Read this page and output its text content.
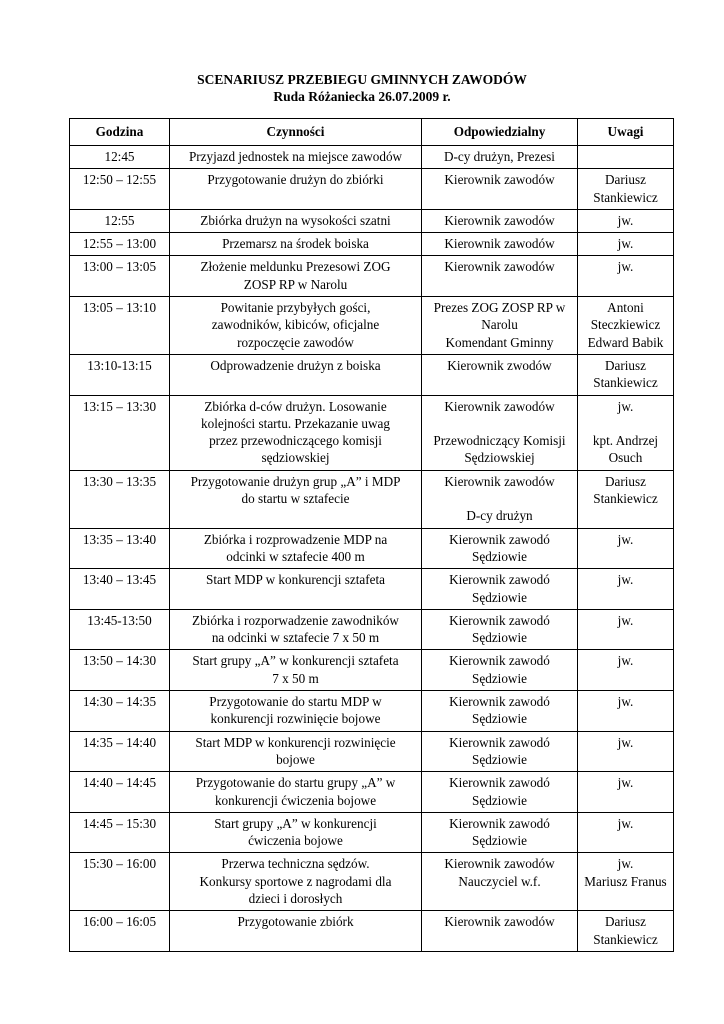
SCENARIUSZ PRZEBIEGU GMINNYCH ZAWODÓW
Ruda Różaniecka 26.07.2009 r.
Godzina	Czynności	Odpowiedzialny	Uwagi
12:45	Przyjazd jednostek na miejsce zawodów	D-cy drużyn, Prezesi	

12:50 – 12:55	Przygotowanie drużyn do zbiórki	Kierownik zawodów	Dariusz
Stankiewicz

12:55	Zbiórka drużyn na wysokości szatni	Kierownik zawodów	jw.

12:55 – 13:00	Przemarsz na środek boiska	Kierownik zawodów	jw.

13:00 – 13:05	Złożenie meldunku Prezesowi ZOG
ZOSP RP w Narolu	Kierownik zawodów	jw.

13:05 – 13:10	Powitanie przybyłych gości,
zawodników, kibiców, oficjalne
rozpoczęcie zawodów	Prezes ZOG ZOSP RP w
Narolu
Komendant Gminny	Antoni
Steczkiewicz
Edward Babik

13:10-13:15	Odprowadzenie drużyn z boiska	Kierownik zwodów	Dariusz
Stankiewicz

13:15 – 13:30	Zbiórka d-ców drużyn. Losowanie
kolejności startu. Przekazanie uwag
przez przewodniczącego komisji
sędziowskiej	Kierownik zawodów
Przewodniczący Komisji
Sędziowskiej	jw.
kpt. Andrzej
Osuch

13:30 – 13:35	Przygotowanie drużyn grup „A” i MDP
do startu w sztafecie	Kierownik zawodów
D-cy drużyn	Dariusz
Stankiewicz

13:35 – 13:40	Zbiórka i rozprowadzenie MDP na
odcinki w sztafecie 400 m	Kierownik zawodó
Sędziowie	jw.

13:40 – 13:45	Start MDP w konkurencji sztafeta	Kierownik zawodó
Sędziowie	jw.

13:45-13:50	Zbiórka i rozporwadzenie zawodników
na odcinki w sztafecie 7 x 50 m	Kierownik zawodó
Sędziowie	jw.

13:50 – 14:30	Start grupy „A” w konkurencji sztafeta
7 x 50 m	Kierownik zawodó
Sędziowie	jw.

14:30 – 14:35	Przygotowanie do startu MDP w
konkurencji rozwinięcie bojowe	Kierownik zawodó
Sędziowie	jw.

14:35 – 14:40	Start MDP w konkurencji rozwinięcie
bojowe	Kierownik zawodó
Sędziowie	jw.

14:40 – 14:45	Przygotowanie do startu grupy „A” w
konkurencji ćwiczenia bojowe	Kierownik zawodó
Sędziowie	jw.

14:45 – 15:30	Start grupy „A” w konkurencji
ćwiczenia bojowe	Kierownik zawodó
Sędziowie	jw.

15:30 – 16:00	Przerwa techniczna sędzów.
Konkursy sportowe z nagrodami dla
dzieci i dorosłych	Kierownik zawodów
Nauczyciel w.f.	jw.
Mariusz Franus

16:00 – 16:05	Przygotowanie zbiórk	Kierownik zawodów	Dariusz
Stankiewicz
